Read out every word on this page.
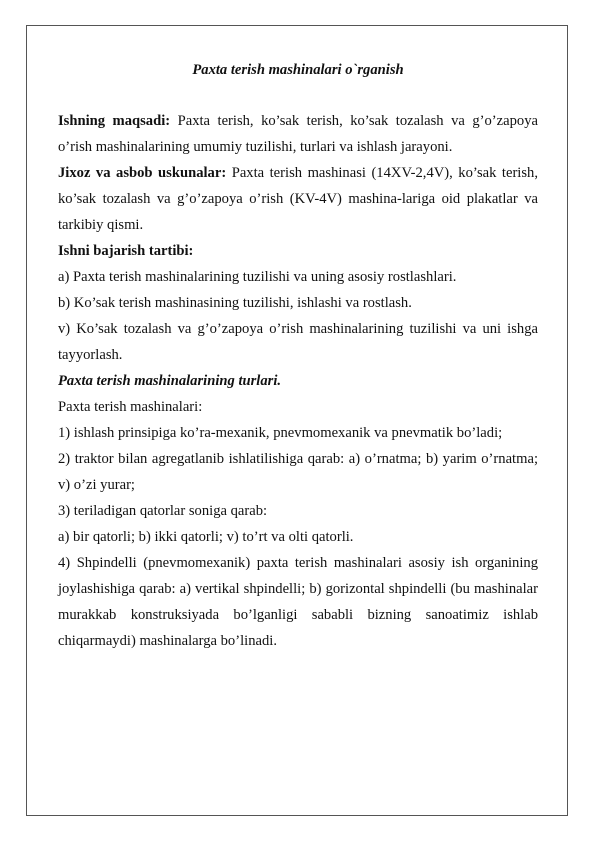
Paxta terish mashinalari o`rganish

Ishning maqsadi: Paxta terish, ko’sak terish, ko’sak tozalash va g’o’zapoya o’rish mashinalarining umumiy tuzilishi, turlari va ishlash jarayoni.

Jixoz va asbob uskunalar: Paxta terish mashinasi (14XV-2,4V), ko’sak terish, ko’sak tozalash va g’o’zapoya o’rish (KV-4V) mashina-lariga oid plakatlar va tarkibiy qismi.

Ishni bajarish tartibi:

a) Paxta terish mashinalarining tuzilishi va uning asosiy rostlashlari.

b) Ko’sak terish mashinasining tuzilishi, ishlashi va rostlash.

v) Ko’sak tozalash va g’o’zapoya o’rish mashinalarining tuzilishi va uni ishga tayyorlash.

Paxta terish mashinalarining turlari.

Paxta terish mashinalari:

1) ishlash prinsipiga ko’ra-mexanik, pnevmomexanik va pnevmatik bo’ladi;

2) traktor bilan agregatlanib ishlatilishiga qarab: a) o’rnatma; b) yarim o’rnatma; v) o’zi yurar;

3) teriladigan qatorlar soniga qarab:

a) bir qatorli; b) ikki qatorli; v) to’rt va olti qatorli.

4) Shpindelli (pnevmomexanik) paxta terish mashinalari asosiy ish organining joylashishiga qarab: a) vertikal shpindelli; b) gorizontal shpindelli (bu mashinalar murakkab konstruksiyada bo’lganligi sababli bizning sanoatimiz ishlab chiqarmaydi) mashinalarga bo’linadi.
